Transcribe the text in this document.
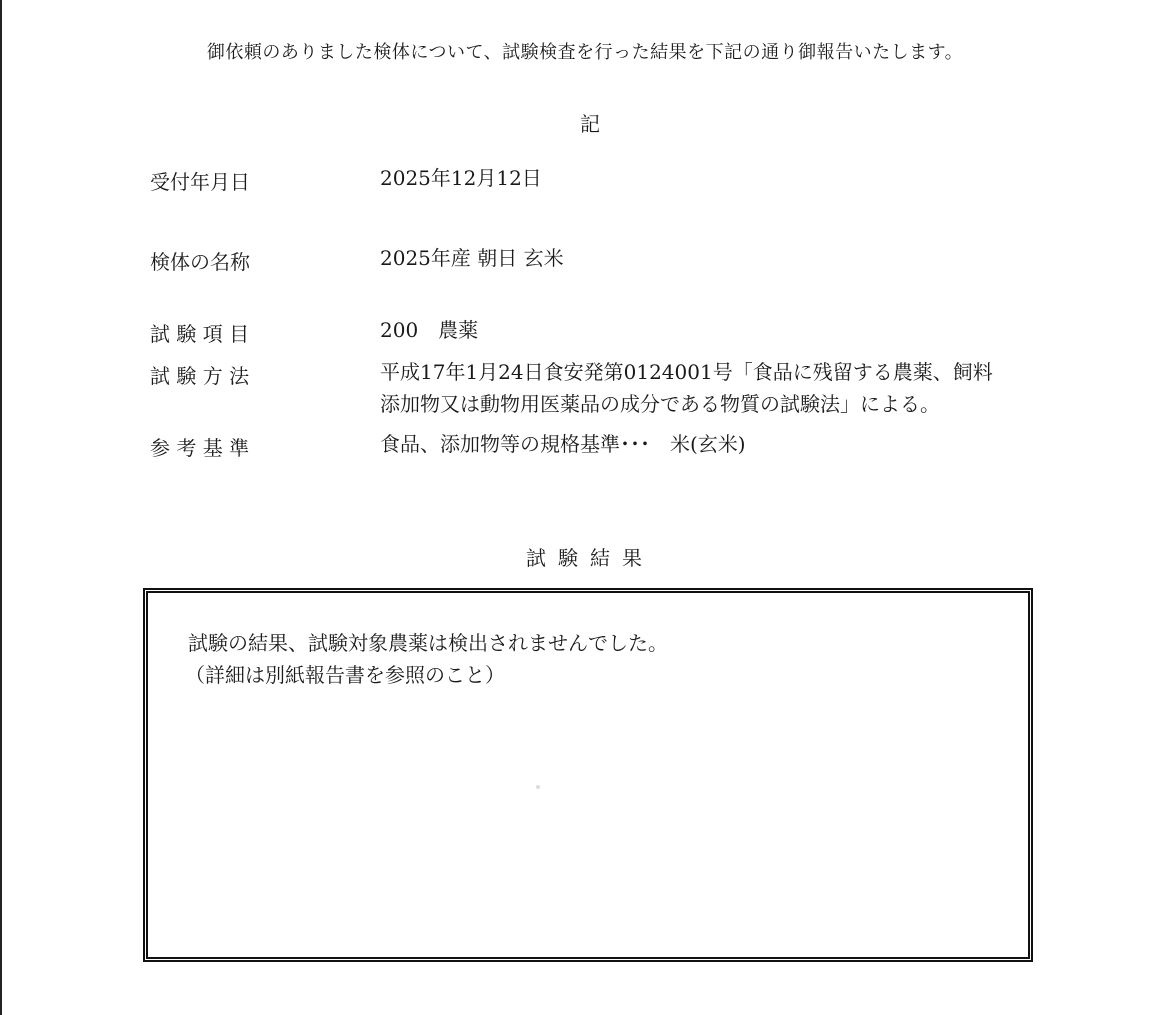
御依頼のありました検体について、試験検査を行った結果を下記の通り御報告いたします。
記
受付年月日	2025年12月12日
検体の名称	2025年産 朝日 玄米
試 験 項 目	200　農薬
試 験 方 法	平成17年1月24日食安発第0124001号「食品に残留する農薬、飼料
添加物又は動物用医薬品の成分である物質の試験法」による。
参 考 基 準	食品、添加物等の規格基準･･･　米(玄米)
試験結果
試験の結果、試験対象農薬は検出されませんでした。
（詳細は別紙報告書を参照のこと）
